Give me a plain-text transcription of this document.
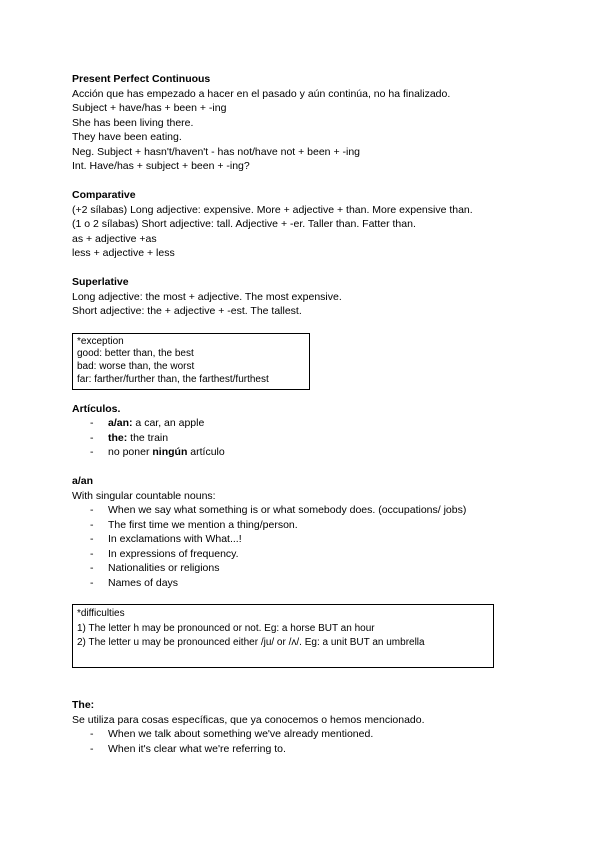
Present Perfect Continuous
Acción que has empezado a hacer en el pasado y aún continúa, no ha finalizado.
Subject + have/has + been + -ing
She has been living there.
They have been eating.
Neg. Subject + hasn't/haven't - has not/have not + been + -ing
Int. Have/has + subject + been + -ing?
Comparative
(+2 sílabas) Long adjective: expensive. More + adjective + than. More expensive than.
(1 o 2 sílabas) Short adjective: tall. Adjective + -er. Taller than. Fatter than.
as + adjective +as
less + adjective + less
Superlative
Long adjective: the most + adjective. The most expensive.
Short adjective: the + adjective + -est. The tallest.
*exception
good: better than, the best
bad: worse than, the worst
far: farther/further than, the farthest/furthest
Artículos.
- a/an: a car, an apple
- the: the train
- no poner ningún artículo
a/an
With singular countable nouns:
- When we say what something is or what somebody does. (occupations/ jobs)
- The first time we mention a thing/person.
- In exclamations with What...!
- In expressions of frequency.
- Nationalities or religions
- Names of days
*difficulties
1) The letter h may be pronounced or not. Eg: a horse BUT an hour
2) The letter u may be pronounced either /ju/ or /ʌ/. Eg: a unit BUT an umbrella
The:
Se utiliza para cosas específicas, que ya conocemos o hemos mencionado.
- When we talk about something we've already mentioned.
- When it's clear what we're referring to.
